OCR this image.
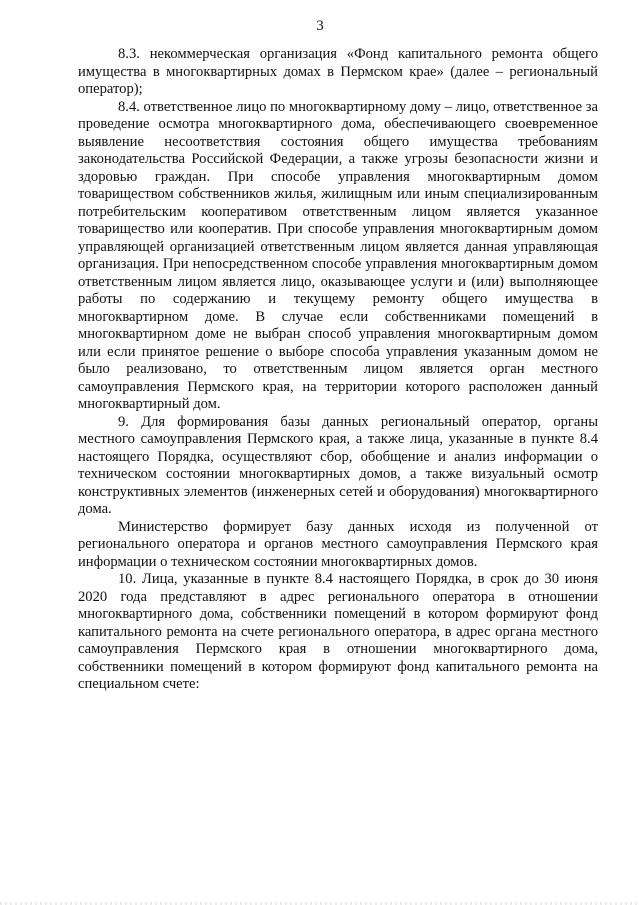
3

8.3. некоммерческая организация «Фонд капитального ремонта общего имущества в многоквартирных домах в Пермском крае» (далее – региональный оператор);

8.4. ответственное лицо по многоквартирному дому – лицо, ответственное за проведение осмотра многоквартирного дома, обеспечивающего своевременное выявление несоответствия состояния общего имущества требованиям законодательства Российской Федерации, а также угрозы безопасности жизни и здоровью граждан. При способе управления многоквартирным домом товариществом собственников жилья, жилищным или иным специализированным потребительским кооперативом ответственным лицом является указанное товарищество или кооператив. При способе управления многоквартирным домом управляющей организацией ответственным лицом является данная управляющая организация. При непосредственном способе управления многоквартирным домом ответственным лицом является лицо, оказывающее услуги и (или) выполняющее работы по содержанию и текущему ремонту общего имущества в многоквартирном доме. В случае если собственниками помещений в многоквартирном доме не выбран способ управления многоквартирным домом или если принятое решение о выборе способа управления указанным домом не было реализовано, то ответственным лицом является орган местного самоуправления Пермского края, на территории которого расположен данный многоквартирный дом.

9. Для формирования базы данных региональный оператор, органы местного самоуправления Пермского края, а также лица, указанные в пункте 8.4 настоящего Порядка, осуществляют сбор, обобщение и анализ информации о техническом состоянии многоквартирных домов, а также визуальный осмотр конструктивных элементов (инженерных сетей и оборудования) многоквартирного дома.

Министерство формирует базу данных исходя из полученной от регионального оператора и органов местного самоуправления Пермского края информации о техническом состоянии многоквартирных домов.

10. Лица, указанные в пункте 8.4 настоящего Порядка, в срок до 30 июня 2020 года представляют в адрес регионального оператора в отношении многоквартирного дома, собственники помещений в котором формируют фонд капитального ремонта на счете регионального оператора, в адрес органа местного самоуправления Пермского края в отношении многоквартирного дома, собственники помещений в котором формируют фонд капитального ремонта на специальном счете:
